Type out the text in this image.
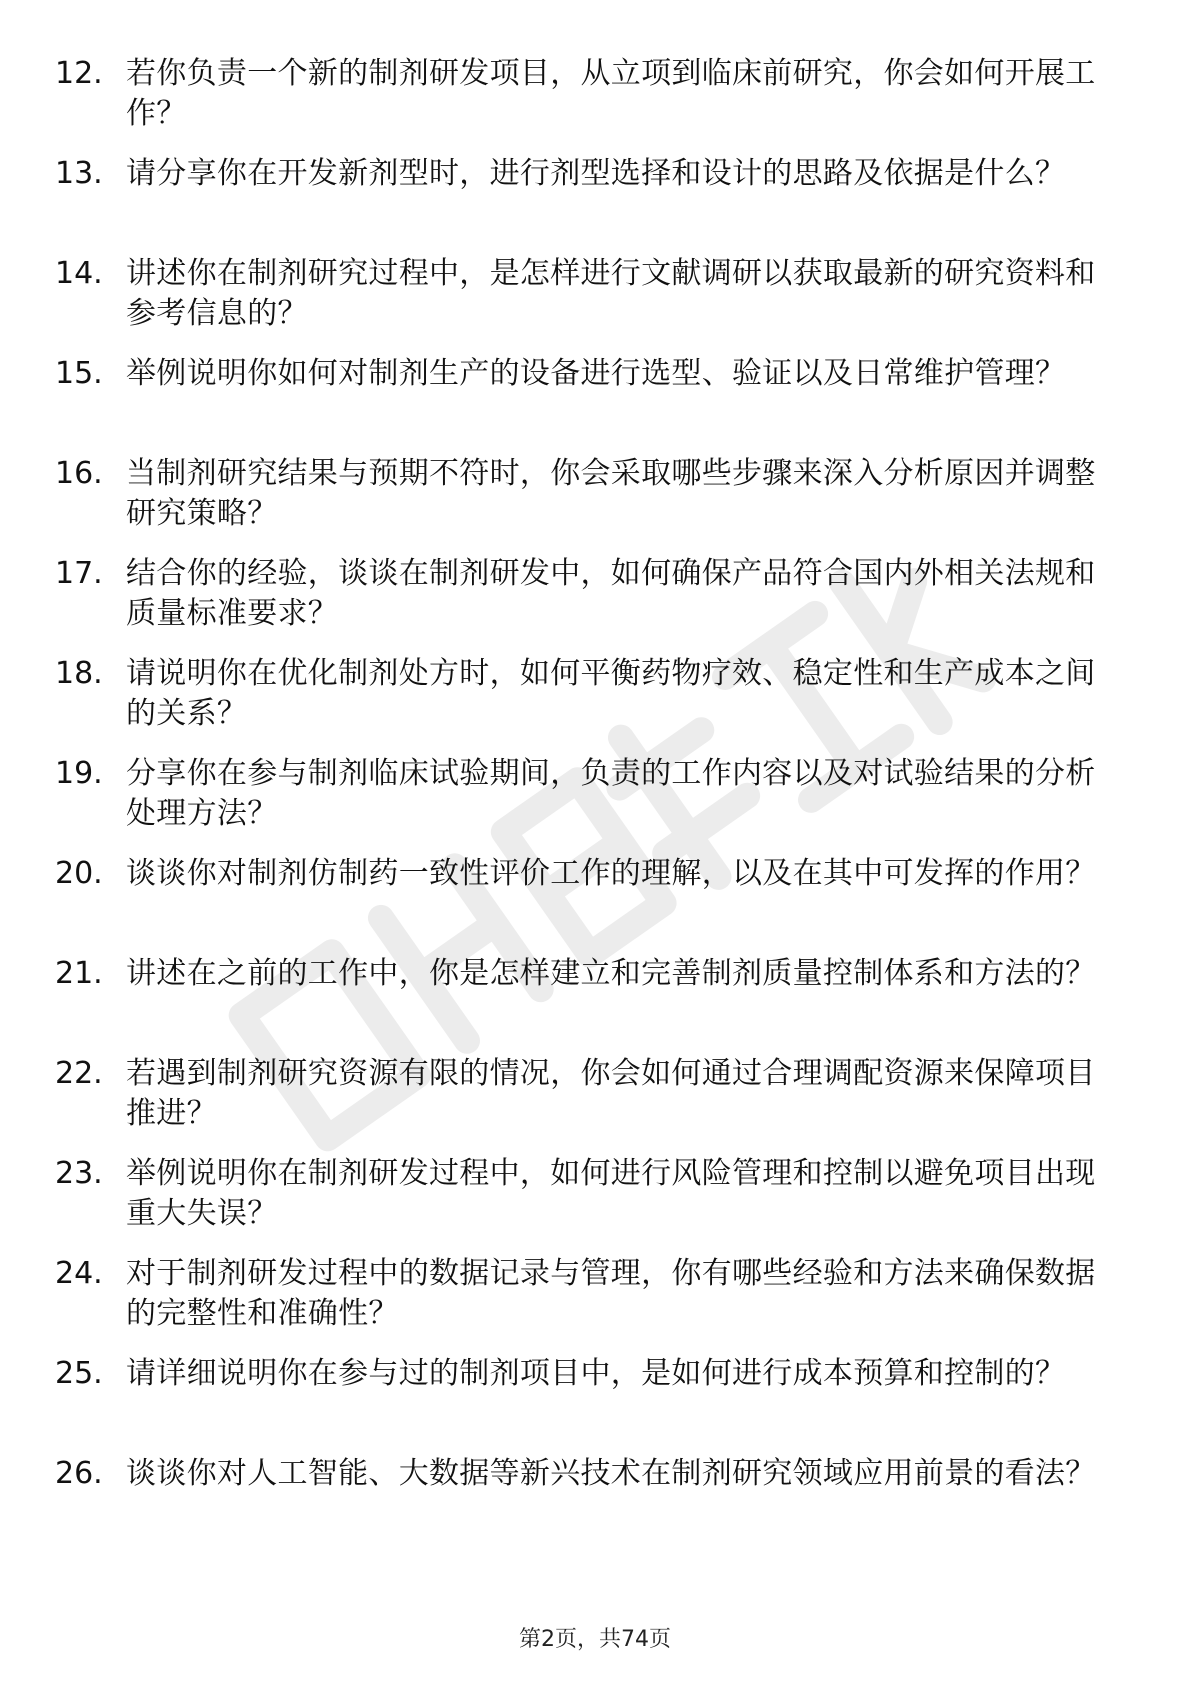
12. 若你负责一个新的制剂研发项目，从立项到临床前研究，你会如何开展工作？
13. 请分享你在开发新剂型时，进行剂型选择和设计的思路及依据是什么？
14. 讲述你在制剂研究过程中，是怎样进行文献调研以获取最新的研究资料和参考信息的？
15. 举例说明你如何对制剂生产的设备进行选型、验证以及日常维护管理？
16. 当制剂研究结果与预期不符时，你会采取哪些步骤来深入分析原因并调整研究策略？
17. 结合你的经验，谈谈在制剂研发中，如何确保产品符合国内外相关法规和质量标准要求？
18. 请说明你在优化制剂处方时，如何平衡药物疗效、稳定性和生产成本之间的关系？
19. 分享你在参与制剂临床试验期间，负责的工作内容以及对试验结果的分析处理方法？
20. 谈谈你对制剂仿制药一致性评价工作的理解，以及在其中可发挥的作用？
21. 讲述在之前的工作中，你是怎样建立和完善制剂质量控制体系和方法的？
22. 若遇到制剂研究资源有限的情况，你会如何通过合理调配资源来保障项目推进？
23. 举例说明你在制剂研发过程中，如何进行风险管理和控制以避免项目出现重大失误？
24. 对于制剂研发过程中的数据记录与管理，你有哪些经验和方法来确保数据的完整性和准确性？
25. 请详细说明你在参与过的制剂项目中，是如何进行成本预算和控制的？
26. 谈谈你对人工智能、大数据等新兴技术在制剂研究领域应用前景的看法？
第2页，共74页
